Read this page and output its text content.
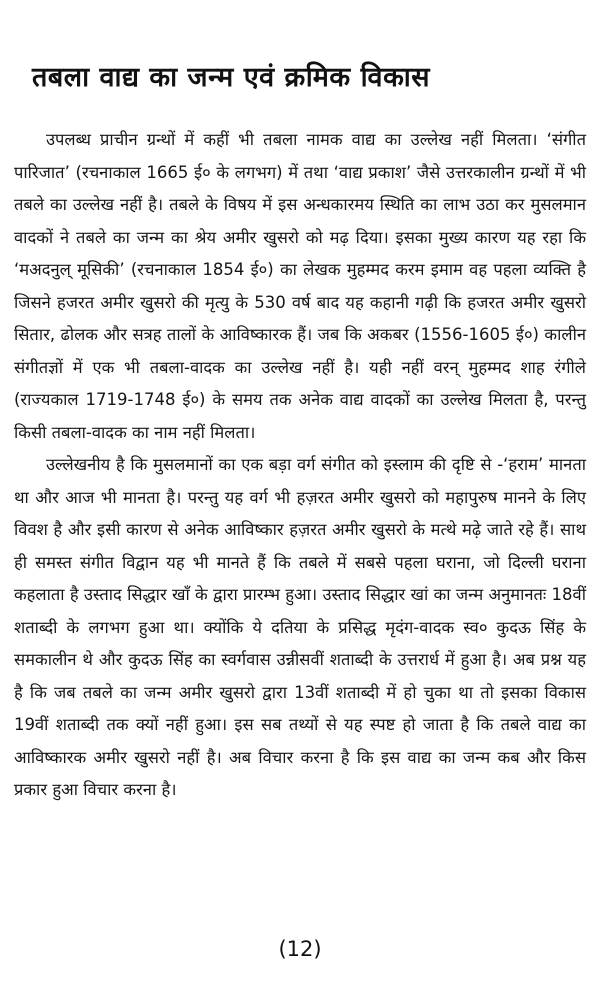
तबला वाद्य का जन्म एवं क्रमिक विकास

उपलब्ध प्राचीन ग्रन्थों में कहीं भी तबला नामक वाद्य का उल्लेख नहीं मिलता। ‘संगीत पारिजात’ (रचनाकाल 1665 ई० के लगभग) में तथा ‘वाद्य प्रकाश’ जैसे उत्तरकालीन ग्रन्थों में भी तबले का उल्लेख नहीं है। तबले के विषय में इस अन्धकारमय स्थिति का लाभ उठा कर मुसलमान वादकों ने तबले का जन्म का श्रेय अमीर खुसरो को मढ़ दिया। इसका मुख्य कारण यह रहा कि ‘मअदनुल् मूसिकी’ (रचनाकाल 1854 ई०) का लेखक मुहम्मद करम इमाम वह पहला व्यक्ति है जिसने हजरत अमीर खुसरो की मृत्यु के 530 वर्ष बाद यह कहानी गढ़ी कि हजरत अमीर खुसरो सितार, ढोलक और सत्रह तालों के आविष्कारक हैं। जब कि अकबर (1556-1605 ई०) कालीन संगीतज्ञों में एक भी तबला-वादक का उल्लेख नहीं है। यही नहीं वरन् मुहम्मद शाह रंगीले (राज्यकाल 1719-1748 ई०) के समय तक अनेक वाद्य वादकों का उल्लेख मिलता है, परन्तु किसी तबला-वादक का नाम नहीं मिलता।

उल्लेखनीय है कि मुसलमानों का एक बड़ा वर्ग संगीत को इस्लाम की दृष्टि से -‘हराम’ मानता था और आज भी मानता है। परन्तु यह वर्ग भी हज़रत अमीर खुसरो को महापुरुष मानने के लिए विवश है और इसी कारण से अनेक आविष्कार हज़रत अमीर खुसरो के मत्थे मढ़े जाते रहे हैं। साथ ही समस्त संगीत विद्वान यह भी मानते हैं कि तबले में सबसे पहला घराना, जो दिल्ली घराना कहलाता है उस्ताद सिद्धार खाँ के द्वारा प्रारम्भ हुआ। उस्ताद सिद्धार खां का जन्म अनुमानतः 18वीं शताब्दी के लगभग हुआ था। क्योंकि ये दतिया के प्रसिद्ध मृदंग-वादक स्व० कुदऊ सिंह के समकालीन थे और कुदऊ सिंह का स्वर्गवास उन्नीसवीं शताब्दी के उत्तरार्ध में हुआ है। अब प्रश्न यह है कि जब तबले का जन्म अमीर खुसरो द्वारा 13वीं शताब्दी में हो चुका था तो इसका विकास 19वीं शताब्दी तक क्यों नहीं हुआ। इस सब तथ्यों से यह स्पष्ट हो जाता है कि तबले वाद्य का आविष्कारक अमीर खुसरो नहीं है। अब विचार करना है कि इस वाद्य का जन्म कब और किस प्रकार हुआ विचार करना है।

(12)
